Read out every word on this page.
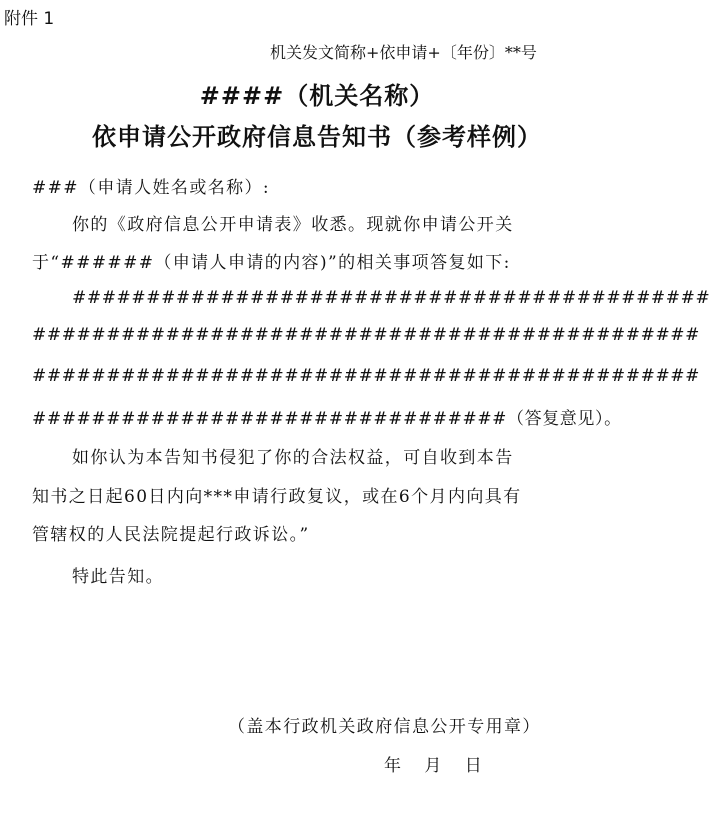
附件 1
机关发文简称+依申请+〔年份〕**号
####（机关名称）
依申请公开政府信息告知书（参考样例）
###（申请人姓名或名称）:
你的《政府信息公开申请表》收悉。现就你申请公开关
于“######（申请人申请的内容)”的相关事项答复如下:
###########################################
#############################################
#############################################
################################（答复意见）。
如你认为本告知书侵犯了你的合法权益，可自收到本告
知书之日起60日内向***申请行政复议，或在6个月内向具有
管辖权的人民法院提起行政诉讼。”
特此告知。
（盖本行政机关政府信息公开专用章）
年 月 日
